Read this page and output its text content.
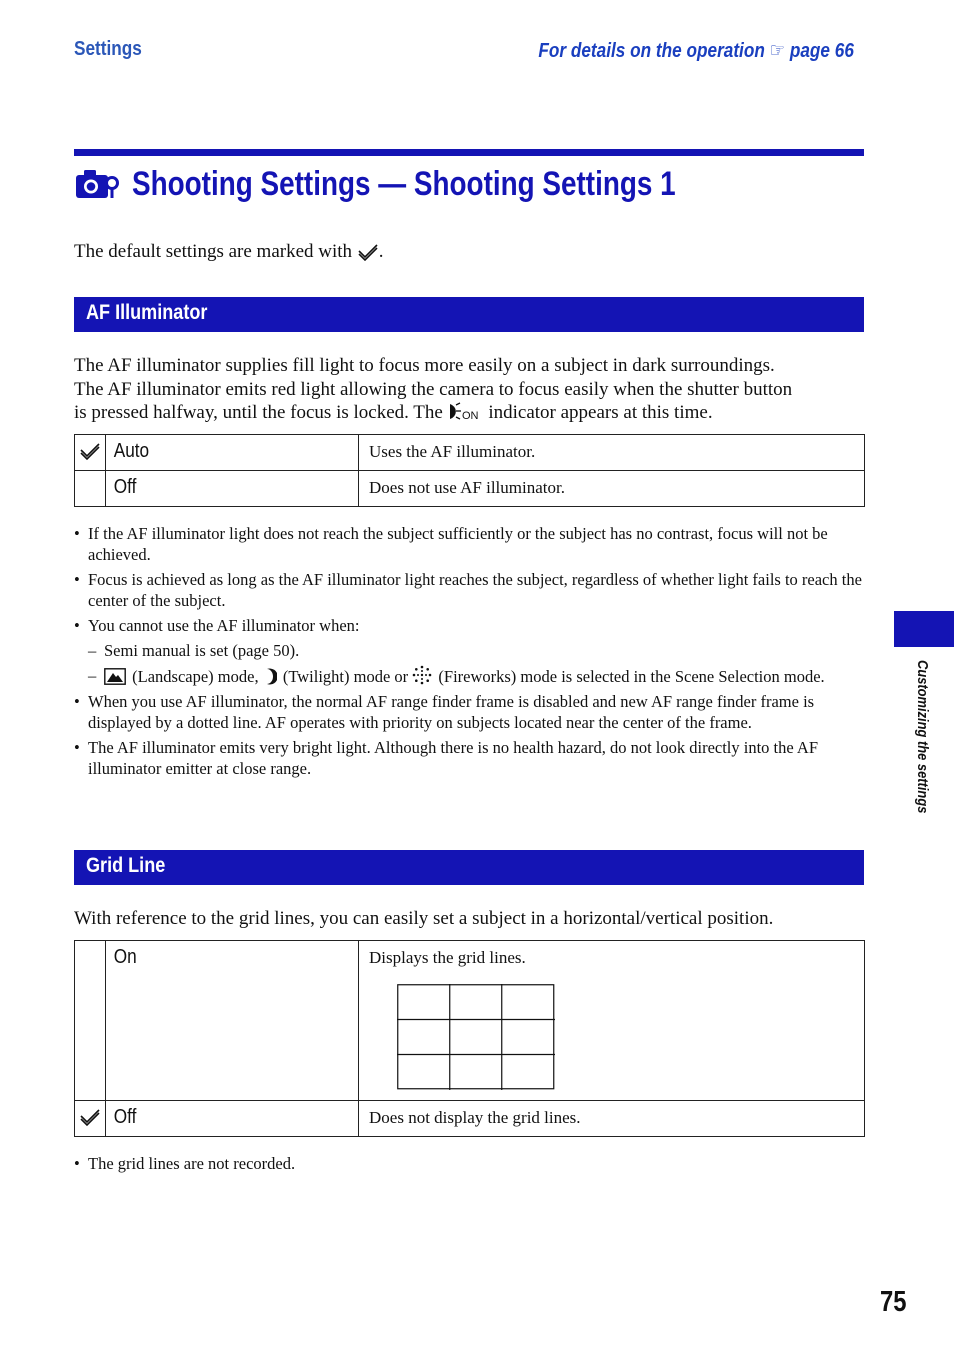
Settings	For details on the operation ☞ page 66
Shooting Settings — Shooting Settings 1
The default settings are marked with .
AF Illuminator

The AF illuminator supplies fill light to focus more easily on a subject in dark surroundings.

The AF illuminator emits red light allowing the camera to focus easily when the shutter button

is pressed halfway, until the focus is locked. The ON indicator appears at this time.

Auto	Uses the AF illuminator.

	Off	Does not use AF illuminator.
• If the AF illuminator light does not reach the subject sufficiently or the subject has no contrast, focus will not be achieved.
• Focus is achieved as long as the AF illuminator light reaches the subject, regardless of whether light fails to reach the center of the subject.
• You cannot use the AF illuminator when:
– Semi manual is set (page 50).
– (Landscape) mode, (Twilight) mode or (Fireworks) mode is selected in the Scene Selection mode.
• When you use AF illuminator, the normal AF range finder frame is disabled and new AF range finder frame is displayed by a dotted line. AF operates with priority on subjects located near the center of the frame.
• The AF illuminator emits very bright light. Although there is no health hazard, do not look directly into the AF illuminator emitter at close range.
Grid Line

With reference to the grid lines, you can easily set a subject in a horizontal/vertical position.

	On	Displays the grid lines.

Off	Does not display the grid lines.
• The grid lines are not recorded.
Customizing the settings
75
